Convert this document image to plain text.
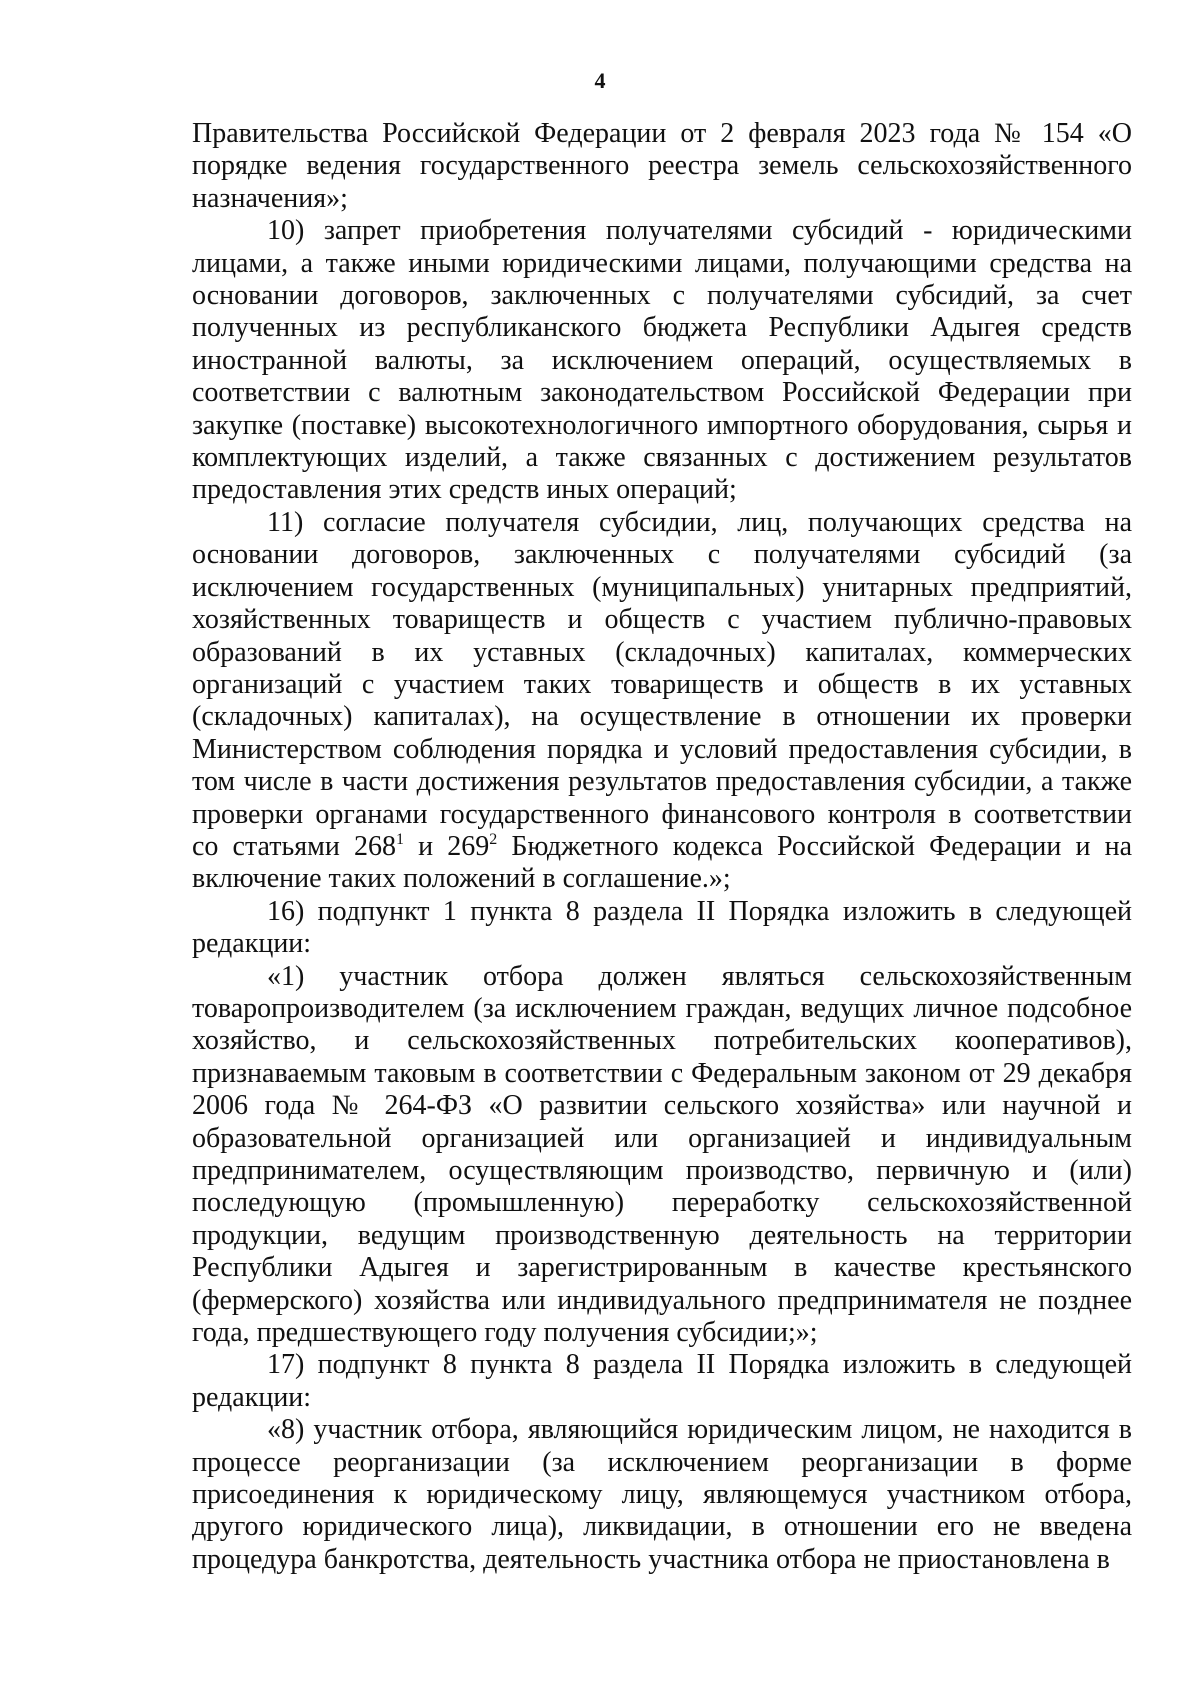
4

Правительства Российской Федерации от 2 февраля 2023 года № 154 «О порядке ведения государственного реестра земель сельскохозяйственного назначения»;

10) запрет приобретения получателями субсидий - юридическими лицами, а также иными юридическими лицами, получающими средства на основании договоров, заключенных с получателями субсидий, за счет полученных из республиканского бюджета Республики Адыгея средств иностранной валюты, за исключением операций, осуществляемых в соответствии с валютным законодательством Российской Федерации при закупке (поставке) высокотехнологичного импортного оборудования, сырья и комплектующих изделий, а также связанных с достижением результатов предоставления этих средств иных операций;

11) согласие получателя субсидии, лиц, получающих средства на основании договоров, заключенных с получателями субсидий (за исключением государственных (муниципальных) унитарных предприятий, хозяйственных товариществ и обществ с участием публично-правовых образований в их уставных (складочных) капиталах, коммерческих организаций с участием таких товариществ и обществ в их уставных (складочных) капиталах), на осуществление в отношении их проверки Министерством соблюдения порядка и условий предоставления субсидии, в том числе в части достижения результатов предоставления субсидии, а также проверки органами государственного финансового контроля в соответствии со статьями $268^1$ и $269^2$ Бюджетного кодекса Российской Федерации и на включение таких положений в соглашение.»;

16) подпункт 1 пункта 8 раздела II Порядка изложить в следующей редакции:

«1) участник отбора должен являться сельскохозяйственным товаропроизводителем (за исключением граждан, ведущих личное подсобное хозяйство, и сельскохозяйственных потребительских кооперативов), признаваемым таковым в соответствии с Федеральным законом от 29 декабря 2006 года № 264-ФЗ «О развитии сельского хозяйства» или научной и образовательной организацией или организацией и индивидуальным предпринимателем, осуществляющим производство, первичную и (или) последующую (промышленную) переработку сельскохозяйственной продукции, ведущим производственную деятельность на территории Республики Адыгея и зарегистрированным в качестве крестьянского (фермерского) хозяйства или индивидуального предпринимателя не позднее года, предшествующего году получения субсидии;»;

17) подпункт 8 пункта 8 раздела II Порядка изложить в следующей редакции:

«8) участник отбора, являющийся юридическим лицом, не находится в процессе реорганизации (за исключением реорганизации в форме присоединения к юридическому лицу, являющемуся участником отбора, другого юридического лица), ликвидации, в отношении его не введена процедура банкротства, деятельность участника отбора не приостановлена в
